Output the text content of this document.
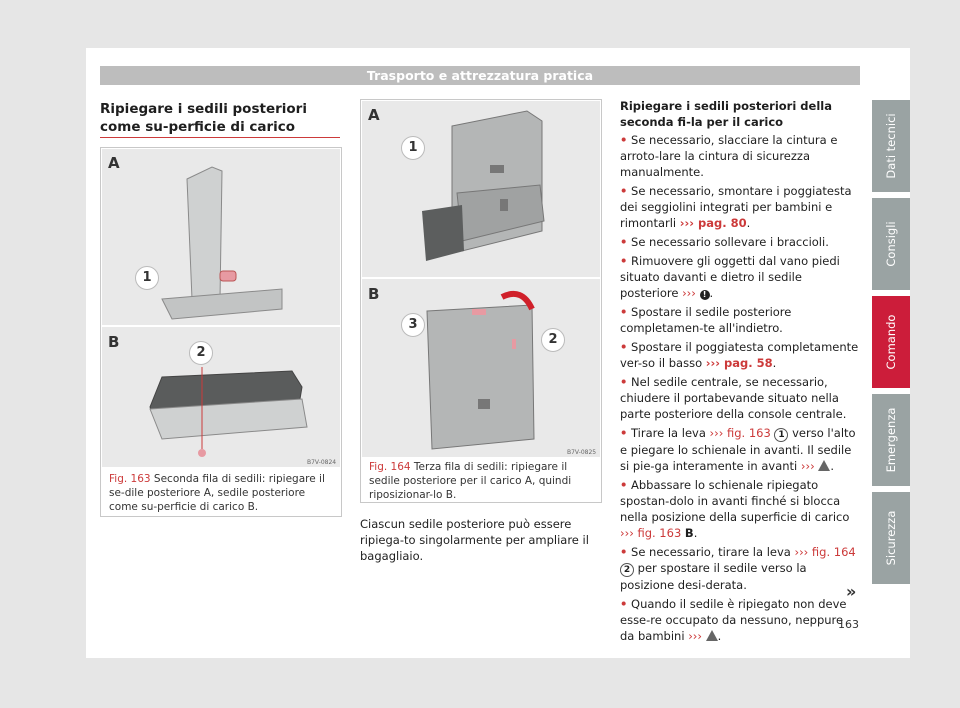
Trasporto e attrezzatura pratica
Ripiegare i sedili posteriori come su-perficie di carico
A
B
1
2
B7V-0824
Fig. 163 Seconda fila di sedili: ripiegare il se-dile posteriore A, sedile posteriore come su-perficie di carico B.
A
B
1
3
2
B7V-0825
Fig. 164 Terza fila di sedili: ripiegare il sedile posteriore per il carico A, quindi riposizionar-lo B.
Ciascun sedile posteriore può essere ripiega-to singolarmente per ampliare il bagagliaio.
Ripiegare i sedili posteriori della seconda fi-la per il carico
• Se necessario, slacciare la cintura e arroto-lare la cintura di sicurezza manualmente.
• Se necessario, smontare i poggiatesta dei seggiolini integrati per bambini e rimontarli ››› pag. 80.
• Se necessario sollevare i braccioli.
• Rimuovere gli oggetti dal vano piedi situato davanti e dietro il sedile posteriore ››› ! .
• Spostare il sedile posteriore completamen-te all'indietro.
• Spostare il poggiatesta completamente ver-so il basso ››› pag. 58.
• Nel sedile centrale, se necessario, chiudere il portabevande situato nella parte posteriore della console centrale.
• Tirare la leva ››› fig. 163 1 verso l'alto e piegare lo schienale in avanti. Il sedile si pie-ga interamente in avanti ››› .
• Abbassare lo schienale ripiegato spostan-dolo in avanti finché si blocca nella posizione della superficie di carico ››› fig. 163 B.
• Se necessario, tirare la leva ››› fig. 164 2 per spostare il sedile verso la posizione desi-derata.
• Quando il sedile è ripiegato non deve esse-re occupato da nessuno, neppure da bambini ››› .
Dati tecnici
Consigli
Comando
Emergenza
Sicurezza
»
163
